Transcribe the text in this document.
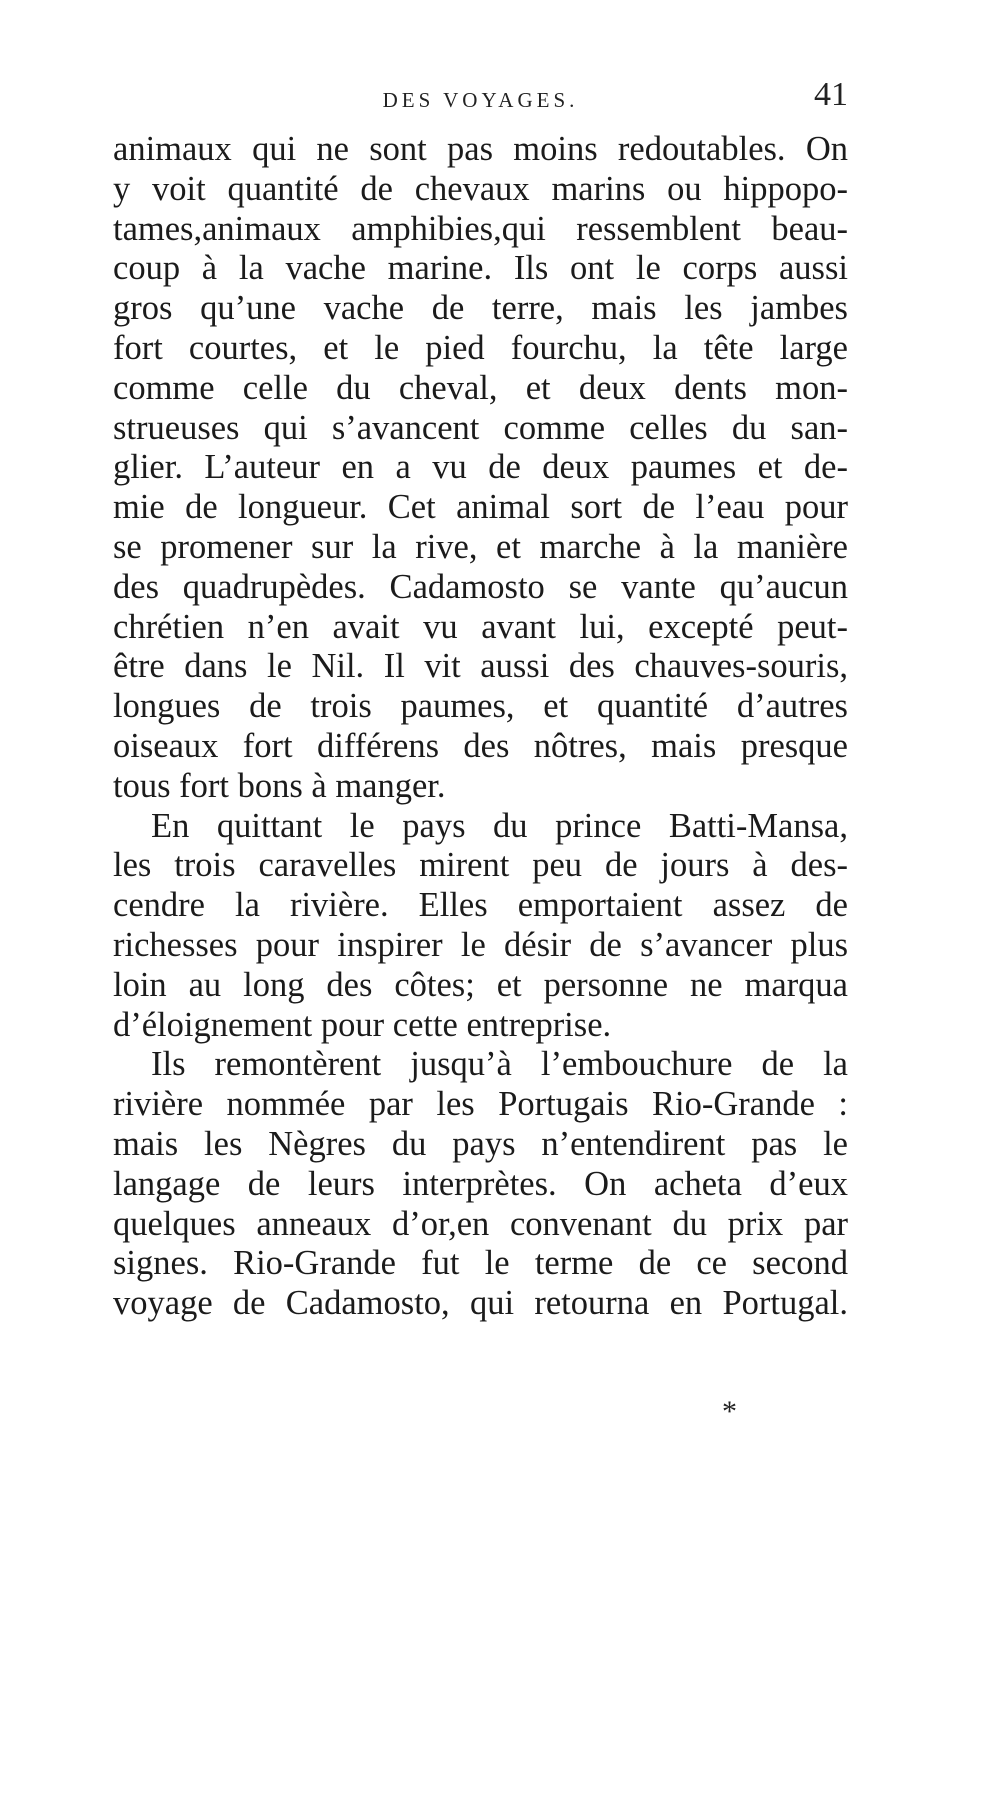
DES VOYAGES.	41
animaux qui ne sont pas moins redoutables. On
y voit quantité de chevaux marins ou hippopo-
tames,animaux amphibies,qui ressemblent beau-
coup à la vache marine. Ils ont le corps aussi
gros qu’une vache de terre, mais les jambes
fort courtes, et le pied fourchu, la tête large
comme celle du cheval, et deux dents mon-
strueuses qui s’avancent comme celles du san-
glier. L’auteur en a vu de deux paumes et de-
mie de longueur. Cet animal sort de l’eau pour
se promener sur la rive, et marche à la manière
des quadrupèdes. Cadamosto se vante qu’aucun
chrétien n’en avait vu avant lui, excepté peut-
être dans le Nil. Il vit aussi des chauves-souris,
longues de trois paumes, et quantité d’autres
oiseaux fort différens des nôtres, mais presque
tous fort bons à manger.
En quittant le pays du prince Batti-Mansa,
les trois caravelles mirent peu de jours à des-
cendre la rivière. Elles emportaient assez de
richesses pour inspirer le désir de s’avancer plus
loin au long des côtes; et personne ne marqua
d’éloignement pour cette entreprise.
Ils remontèrent jusqu’à l’embouchure de la
rivière nommée par les Portugais Rio-Grande :
mais les Nègres du pays n’entendirent pas le
langage de leurs interprètes. On acheta d’eux
quelques anneaux d’or,en convenant du prix par
signes. Rio-Grande fut le terme de ce second
voyage de Cadamosto, qui retourna en Portugal.
*
